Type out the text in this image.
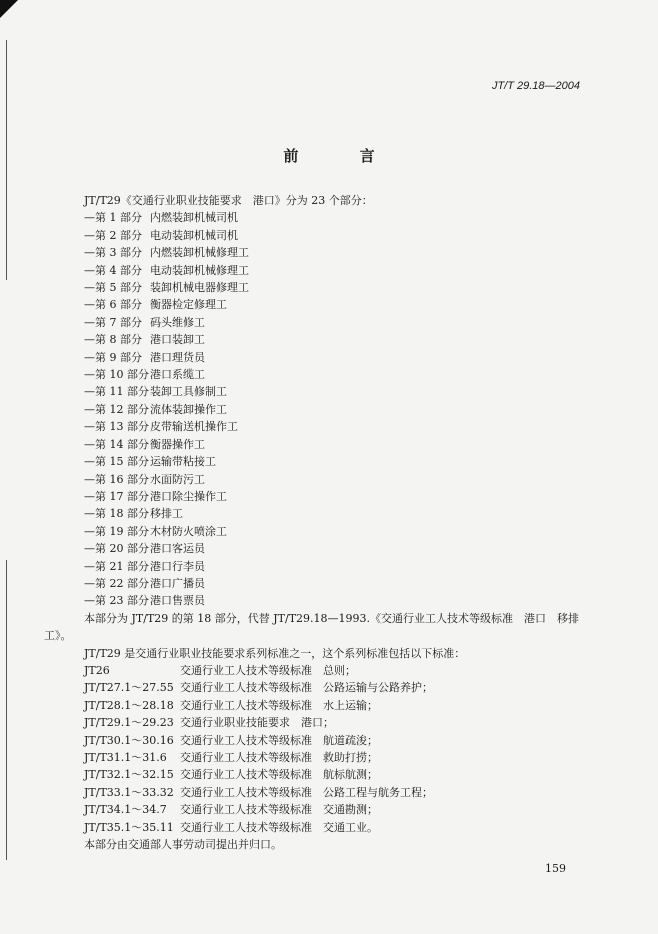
JT/T 29.18—2004
前 言
JT/T29《交通行业职业技能要求　港口》分为 23 个部分：
—第 1 部分 内燃装卸机械司机
—第 2 部分 电动装卸机械司机
—第 3 部分 内燃装卸机械修理工
—第 4 部分 电动装卸机械修理工
—第 5 部分 装卸机械电器修理工
—第 6 部分 衡器检定修理工
—第 7 部分 码头维修工
—第 8 部分 港口装卸工
—第 9 部分 港口理货员
—第 10 部分港口系缆工
—第 11 部分装卸工具修制工
—第 12 部分流体装卸操作工
—第 13 部分皮带输送机操作工
—第 14 部分衡器操作工
—第 15 部分运输带粘接工
—第 16 部分水面防污工
—第 17 部分港口除尘操作工
—第 18 部分移排工
—第 19 部分木材防火喷涂工
—第 20 部分港口客运员
—第 21 部分港口行李员
—第 22 部分港口广播员
—第 23 部分港口售票员
本部分为 JT/T29 的第 18 部分，代替 JT/T29.18—1993.《交通行业工人技术等级标准　港口　移排
工》。
JT/T29 是交通行业职业技能要求系列标准之一，这个系列标准包括以下标准：
JT26	交通行业工人技术等级标准　总则；
JT/T27.1～27.55 交通行业工人技术等级标准　公路运输与公路养护；
JT/T28.1～28.18 交通行业工人技术等级标准　水上运输；
JT/T29.1～29.23 交通行业职业技能要求　港口；
JT/T30.1～30.16 交通行业工人技术等级标准　航道疏浚；
JT/T31.1～31.6 交通行业工人技术等级标准　救助打捞；
JT/T32.1～32.15 交通行业工人技术等级标准　航标航测；
JT/T33.1～33.32 交通行业工人技术等级标准　公路工程与航务工程；
JT/T34.1～34.7 交通行业工人技术等级标准　交通勘测；
JT/T35.1～35.11 交通行业工人技术等级标准　交通工业。
本部分由交通部人事劳动司提出并归口。
159
